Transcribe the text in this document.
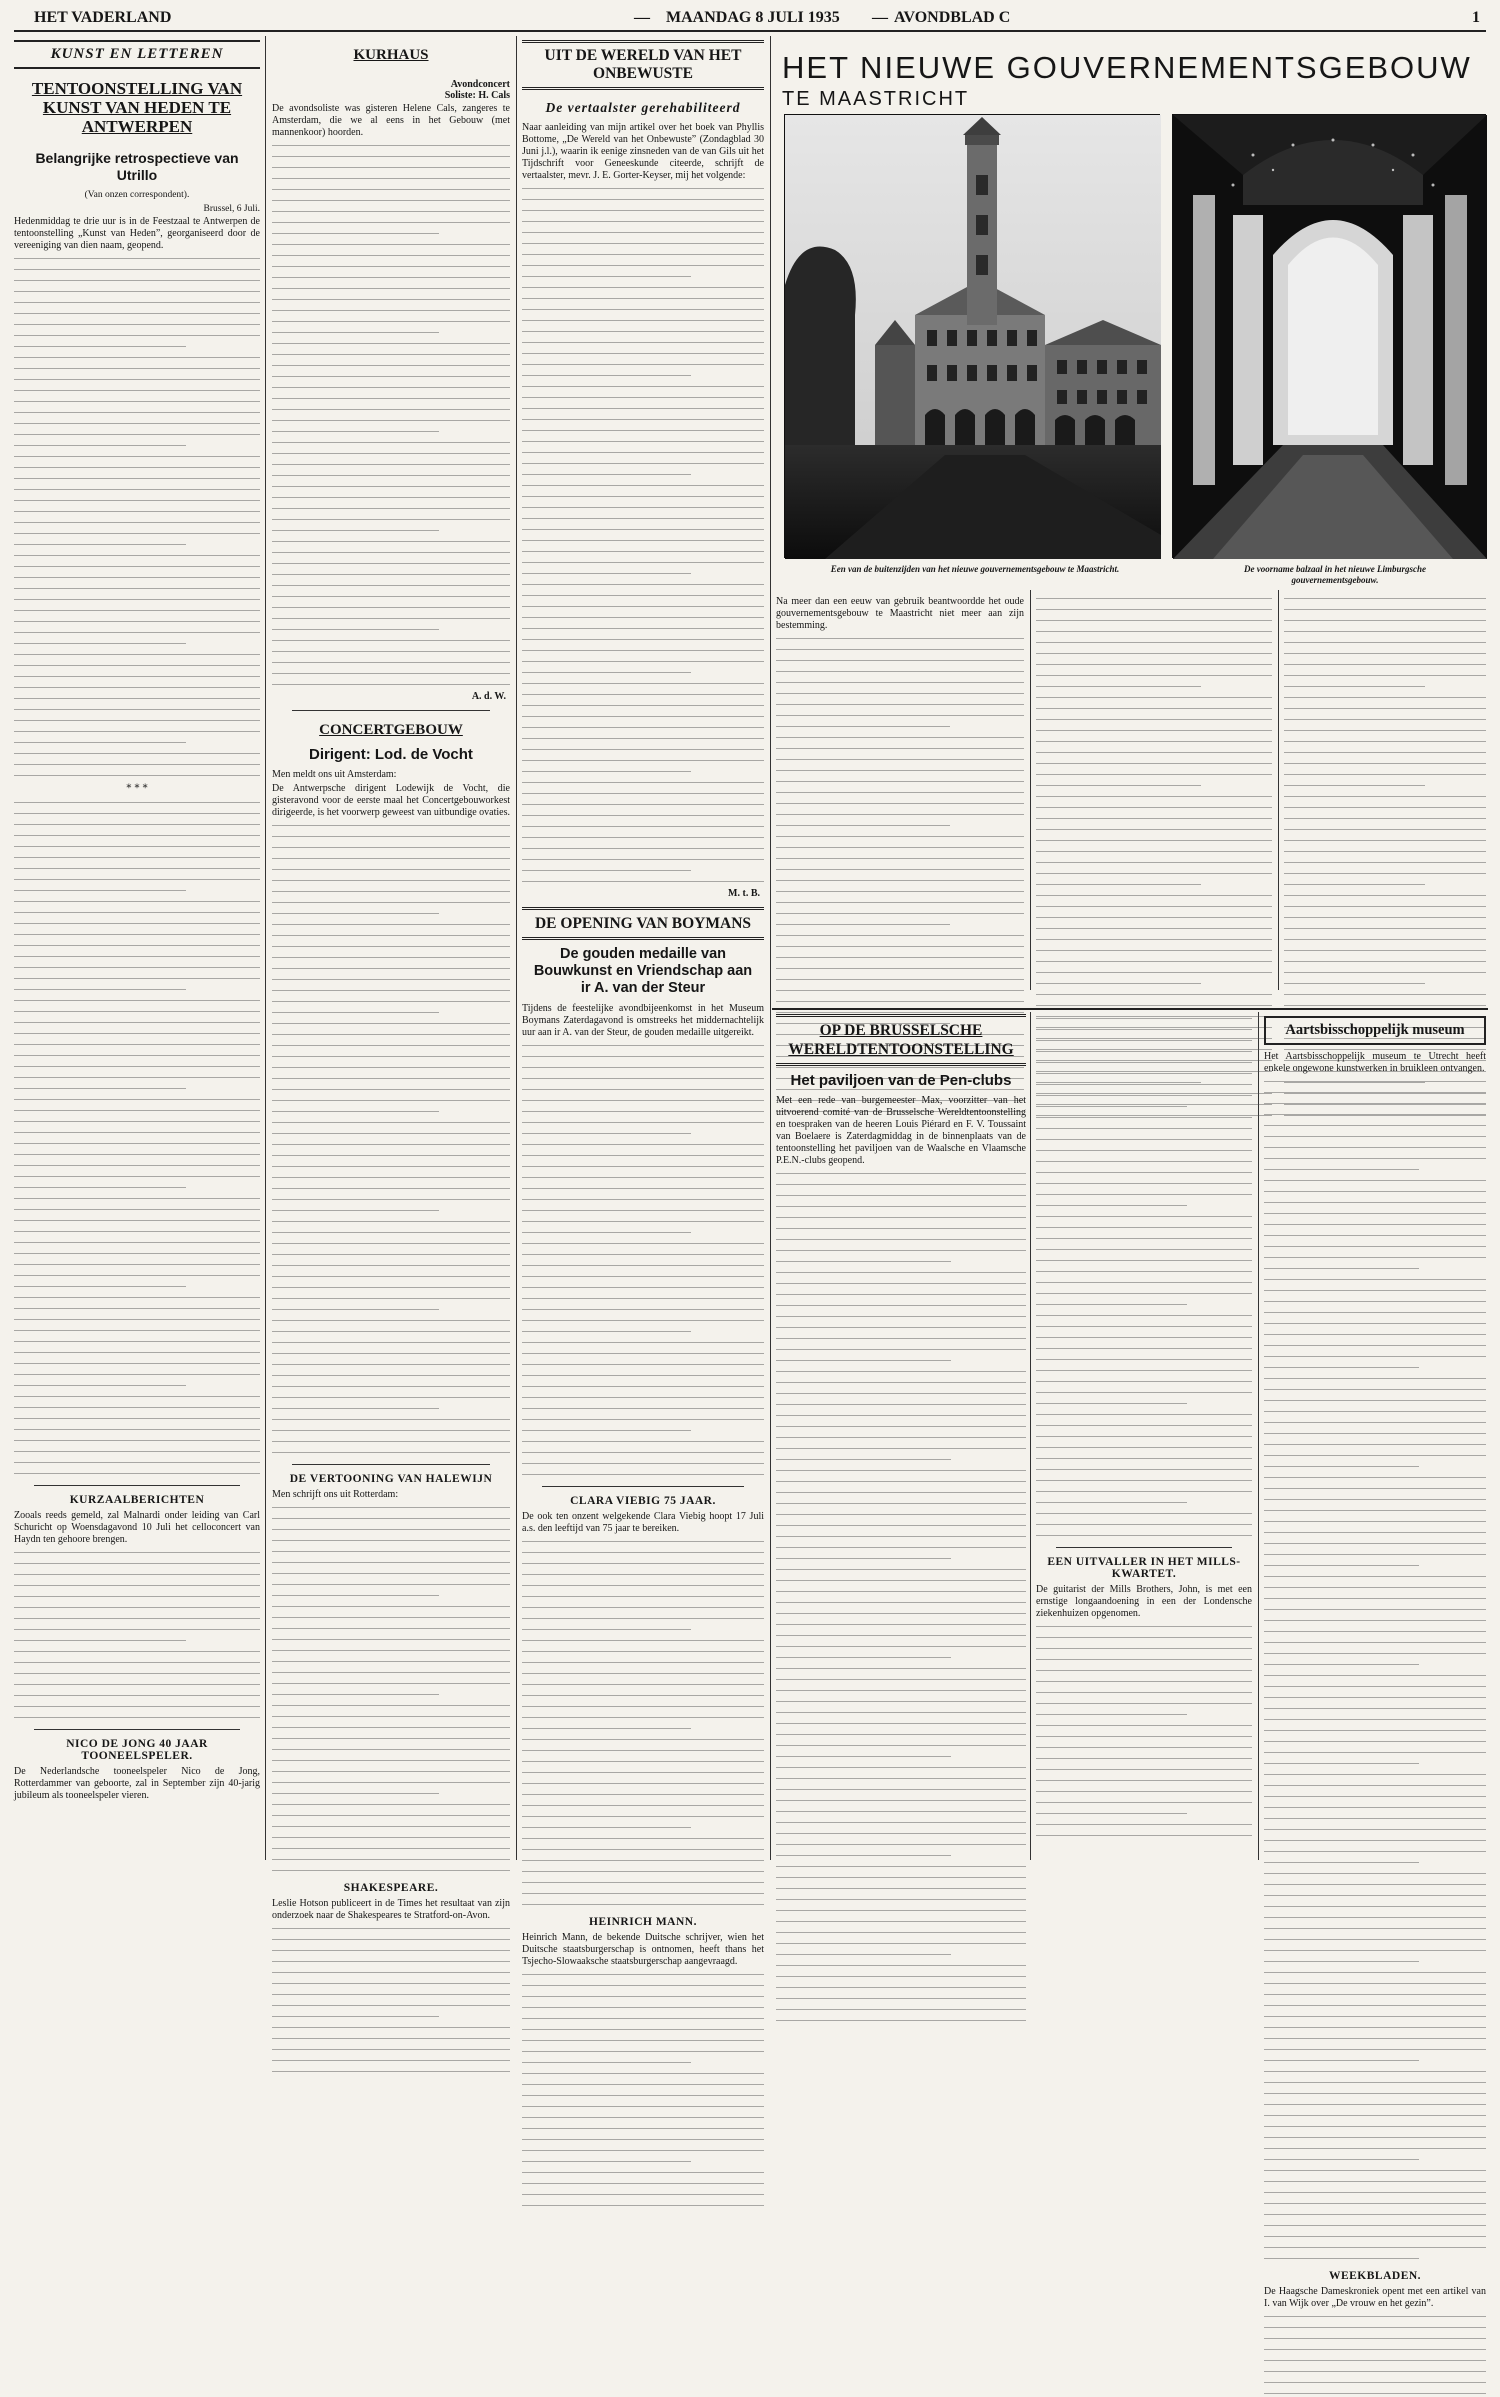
HET VADERLAND	— MAANDAG 8 JULI 1935 — AVONDBLAD C	1
KUNST EN LETTEREN
TENTOONSTELLING VAN KUNST VAN HEDEN TE ANTWERPEN
Belangrijke retrospectieve van Utrillo
(Van onzen correspondent).
Brussel, 6 Juli.
Hedenmiddag te drie uur is in de Feestzaal te Antwerpen de tentoonstelling „Kunst van Heden”, georganiseerd door de vereeniging van dien naam, geopend.
* * *
KURZAALBERICHTEN
Zooals reeds gemeld, zal Malnardi onder leiding van Carl Schuricht op Woensdagavond 10 Juli het celloconcert van Haydn ten gehoore brengen.
NICO DE JONG 40 JAAR TOONEELSPELER.
De Nederlandsche tooneelspeler Nico de Jong, Rotterdammer van geboorte, zal in September zijn 40-jarig jubileum als tooneelspeler vieren.
KURHAUS
Avondconcert
Soliste: H. Cals
De avondsoliste was gisteren Helene Cals, zangeres te Amsterdam, die we al eens in het Gebouw (met mannenkoor) hoorden.
A. d. W.
CONCERTGEBOUW
Dirigent: Lod. de Vocht
Men meldt ons uit Amsterdam:
De Antwerpsche dirigent Lodewijk de Vocht, die gisteravond voor de eerste maal het Concertgebouworkest dirigeerde, is het voorwerp geweest van uitbundige ovaties.
DE VERTOONING VAN HALEWIJN
Men schrijft ons uit Rotterdam:
SHAKESPEARE.
Leslie Hotson publiceert in de Times het resultaat van zijn onderzoek naar de Shakespeares te Stratford-on-Avon.
UIT DE WERELD VAN HET ONBEWUSTE
De vertaalster gerehabiliteerd
Naar aanleiding van mijn artikel over het boek van Phyllis Bottome, „De Wereld van het Onbewuste” (Zondagblad 30 Juni j.l.), waarin ik eenige zinsneden van de van Gils uit het Tijdschrift voor Geneeskunde citeerde, schrijft de vertaalster, mevr. J. E. Gorter-Keyser, mij het volgende:
M. t. B.
DE OPENING VAN BOYMANS
De gouden medaille van Bouwkunst en Vriendschap aan ir A. van der Steur
Tijdens de feestelijke avondbijeenkomst in het Museum Boymans Zaterdagavond is omstreeks het middernachtelijk uur aan ir A. van der Steur, de gouden medaille uitgereikt.
CLARA VIEBIG 75 JAAR.
De ook ten onzent welgekende Clara Viebig hoopt 17 Juli a.s. den leeftijd van 75 jaar te bereiken.
HEINRICH MANN.
Heinrich Mann, de bekende Duitsche schrijver, wien het Duitsche staatsburgerschap is ontnomen, heeft thans het Tsjecho-Slowaaksche staatsburgerschap aangevraagd.
HET NIEUWE GOUVERNEMENTSGEBOUW
TE MAASTRICHT
Een van de buitenzijden van het nieuwe gouvernementsgebouw te Maastricht.	De voorname balzaal in het nieuwe Limburgsche gouvernementsgebouw.
Na meer dan een eeuw van gebruik beantwoordde het oude gouvernementsgebouw te Maastricht niet meer aan zijn bestemming.
OP DE BRUSSELSCHE WERELDTENTOONSTELLING
Het paviljoen van de Pen-clubs
Met een rede van burgemeester Max, voorzitter van het uitvoerend comité van de Brusselsche Wereldtentoonstelling en toespraken van de heeren Louis Piérard en F. V. Toussaint van Boelaere is Zaterdagmiddag in de binnenplaats van de tentoonstelling het paviljoen van de Waalsche en Vlaamsche P.E.N.-clubs geopend.
EEN UITVALLER IN HET MILLS-KWARTET.
De guitarist der Mills Brothers, John, is met een ernstige longaandoening in een der Londensche ziekenhuizen opgenomen.
Aartsbisschoppelijk museum
Het Aartsbisschoppelijk museum te Utrecht heeft enkele ongewone kunstwerken in bruikleen ontvangen.
WEEKBLADEN.
De Haagsche Dameskroniek opent met een artikel van I. van Wijk over „De vrouw en het gezin”.
